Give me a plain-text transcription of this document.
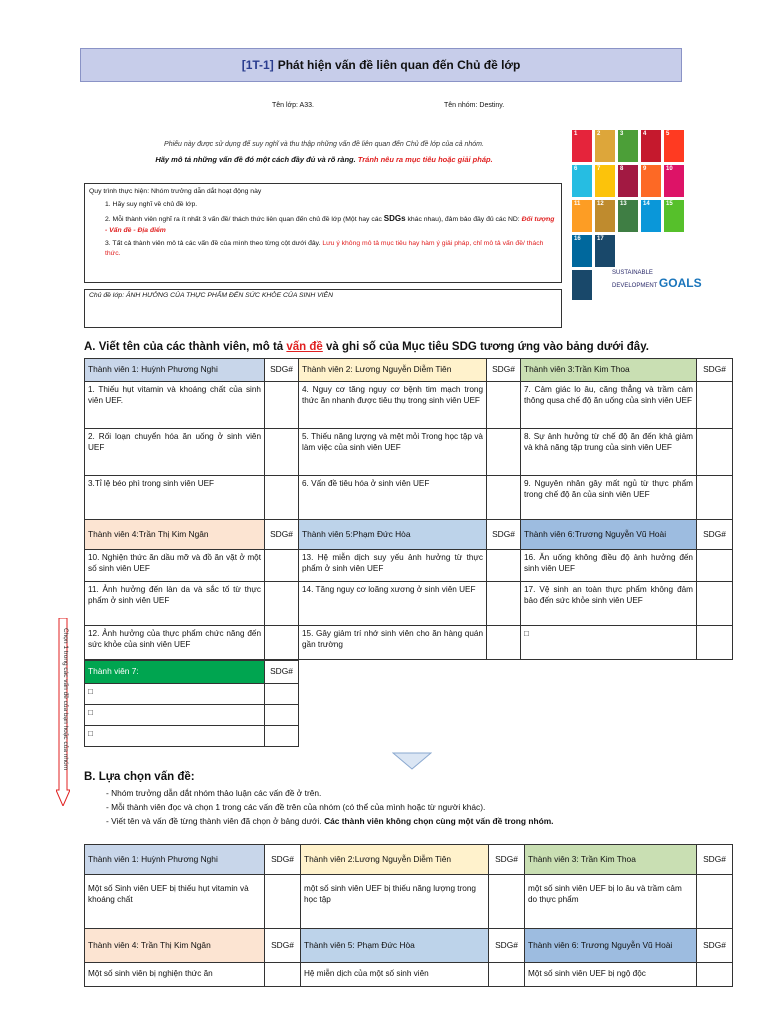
[1T-1] Phát hiện vấn đề liên quan đến Chủ đề lớp
Tên lớp: A33.	Tên nhóm: Destiny.
Phiếu này được sử dụng để suy nghĩ và thu thập những vấn đề liên quan đến Chủ đề lớp của cả nhóm.
Hãy mô tả những vấn đề đó một cách đầy đủ và rõ ràng. Tránh nêu ra mục tiêu hoặc giải pháp.

Quy trình thực hiện: Nhóm trưởng dẫn dắt hoạt động này

1. Hãy suy nghĩ về chủ đề lớp.

2. Mỗi thành viên nghĩ ra ít nhất 3 vấn đề/ thách thức liên quan đến chủ đề lớp (Một hay các SDGs khác nhau), đảm bảo đầy đủ các ND: Đối tượng - Vấn đề - Địa điểm

3. Tất cả thành viên mô tả các vấn đề của mình theo từng cột dưới đây. Lưu ý không mô tả mục tiêu hay hàm ý giải pháp, chỉ mô tả vấn đề/ thách thức.

Chủ đề lớp: ẢNH HƯỞNG CỦA THỰC PHẨM ĐẾN SỨC KHỎE CỦA SINH VIÊN

1	2	3	4	5
6	7	8	9	10
11	12	13	14	15
16	17
SUSTAINABLE
DEVELOPMENT GOALS
A. Viết tên của các thành viên, mô tả vấn đề và ghi số của Mục tiêu SDG tương ứng vào bảng dưới đây.
Thành viên 1: Huỳnh Phương Nghi	SDG#	Thành viên 2: Lương Nguyễn Diễm Tiên	SDG#	Thành viên 3:Trần Kim Thoa	SDG#
1. Thiếu hụt vitamin và khoáng chất của sinh viên UEF.		4. Nguy cơ tăng nguy cơ bệnh tim mạch trong thức ăn nhanh được tiêu thụ trong sinh viên UEF		7. Cảm giác lo âu, căng thẳng và trầm cảm thông qusa chế độ ăn uống của sinh viên UEF	
2. Rối loạn chuyển hóa ăn uống ở sinh viên UEF		5. Thiếu năng lượng và mệt mỏi Trong học tập và làm việc của sinh viên UEF		8. Sự ảnh hưởng từ chế độ ăn đến khả giảm và khả năng tập trung của sinh viên UEF	
3.Tỉ lệ béo phì trong sinh viên UEF		6. Vấn đề tiêu hóa ở sinh viên UEF		9. Nguyên nhân gây mất ngủ từ thực phẩm trong chế độ ăn của sinh viên UEF	
Thành viên 4:Trần Thị Kim Ngân	SDG#	Thành viên 5:Phạm Đức Hòa	SDG#	Thành viên 6:Trương Nguyễn Vũ Hoài	SDG#
10. Nghiện thức ăn dầu mỡ và đồ ăn vặt ở một số sinh viên UEF		13. Hệ miễn dịch suy yếu ảnh hưởng từ thực phẩm ở sinh viên UEF		16. Ăn uống không điều độ ảnh hưởng đến sinh viên UEF	
11. Ảnh hưởng đến làn da và sắc tố từ thực phẩm ở sinh viên UEF		14. Tăng nguy cơ loãng xương ở sinh viên UEF		17. Vệ sinh an toàn thực phẩm không đảm bảo đến sức khỏe sinh viên UEF	
12. Ảnh hưởng của thực phẩm chức năng đến sức khỏe của sinh viên UEF		15. Gây giảm trí nhớ sinh viên cho ăn hàng quán gần trường		□	
Thành viên 7:	SDG#
□	
□	
□	
Chọn 1 trong các vấn đề của bạn hoặc của nhóm
B. Lựa chọn vấn đề:
- Nhóm trưởng dẫn dắt nhóm thảo luận các vấn đề ở trên.
- Mỗi thành viên đọc và chọn 1 trong các vấn đề trên của nhóm (có thể của mình hoặc từ người khác).
- Viết tên và vấn đề từng thành viên đã chọn ở bảng dưới. Các thành viên không chọn cùng một vấn đề trong nhóm.
Thành viên 1: Huỳnh Phương Nghi	SDG#	Thành viên 2:Lương Nguyễn Diễm Tiên	SDG#	Thành viên 3: Trần Kim Thoa	SDG#
Một số Sinh viên UEF bị thiếu hụt vitamin và khoáng chất		một số sinh viên UEF bị thiếu năng lượng trong học tập		một số sinh viên UEF bị lo âu và trầm cảm do thực phẩm	
Thành viên 4: Trần Thị Kim Ngân	SDG#	Thành viên 5: Phạm Đức Hòa	SDG#	Thành viên 6: Trương Nguyễn Vũ Hoài	SDG#
Một số sinh viên bị nghiện thức ăn		Hệ miễn dịch của một số sinh viên		Một số sinh viên UEF bị ngộ độc	
